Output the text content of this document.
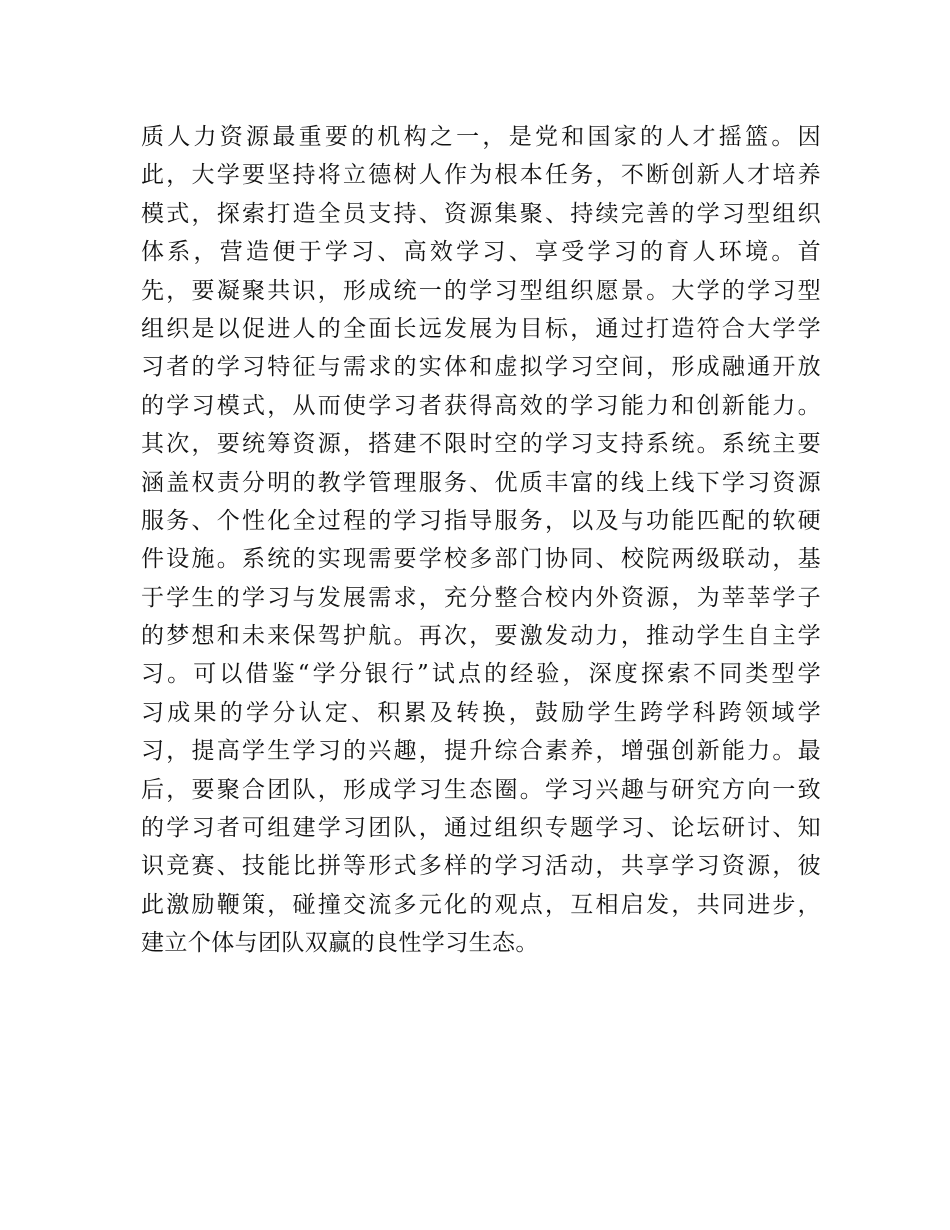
质人力资源最重要的机构之一，是党和国家的人才摇篮。因
此，大学要坚持将立德树人作为根本任务，不断创新人才培养
模式，探索打造全员支持、资源集聚、持续完善的学习型组织
体系，营造便于学习、高效学习、享受学习的育人环境。首
先，要凝聚共识，形成统一的学习型组织愿景。大学的学习型
组织是以促进人的全面长远发展为目标，通过打造符合大学学
习者的学习特征与需求的实体和虚拟学习空间，形成融通开放
的学习模式，从而使学习者获得高效的学习能力和创新能力。
其次，要统筹资源，搭建不限时空的学习支持系统。系统主要
涵盖权责分明的教学管理服务、优质丰富的线上线下学习资源
服务、个性化全过程的学习指导服务，以及与功能匹配的软硬
件设施。系统的实现需要学校多部门协同、校院两级联动，基
于学生的学习与发展需求，充分整合校内外资源，为莘莘学子
的梦想和未来保驾护航。再次，要激发动力，推动学生自主学
习。可以借鉴“学分银行”试点的经验，深度探索不同类型学
习成果的学分认定、积累及转换，鼓励学生跨学科跨领域学
习，提高学生学习的兴趣，提升综合素养，增强创新能力。最
后，要聚合团队，形成学习生态圈。学习兴趣与研究方向一致
的学习者可组建学习团队，通过组织专题学习、论坛研讨、知
识竞赛、技能比拼等形式多样的学习活动，共享学习资源，彼
此激励鞭策，碰撞交流多元化的观点，互相启发，共同进步，
建立个体与团队双赢的良性学习生态。
